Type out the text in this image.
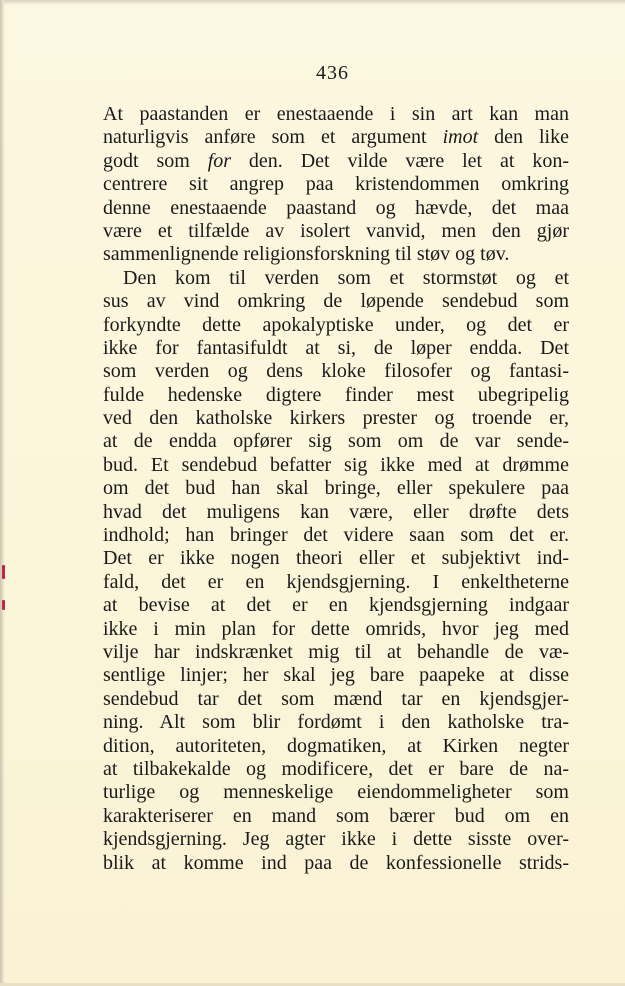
436
At paastanden er enestaaende i sin art kan man
naturligvis anføre som et argument imot den like
godt som for den. Det vilde være let at kon-
centrere sit angrep paa kristendommen omkring
denne enestaaende paastand og hævde, det maa
være et tilfælde av isolert vanvid, men den gjør
sammenlignende religionsforskning til støv og tøv.
Den kom til verden som et stormstøt og et
sus av vind omkring de løpende sendebud som
forkyndte dette apokalyptiske under, og det er
ikke for fantasifuldt at si, de løper endda. Det
som verden og dens kloke filosofer og fantasi-
fulde hedenske digtere finder mest ubegripelig
ved den katholske kirkers prester og troende er,
at de endda opfører sig som om de var sende-
bud. Et sendebud befatter sig ikke med at drømme
om det bud han skal bringe, eller spekulere paa
hvad det muligens kan være, eller drøfte dets
indhold; han bringer det videre saan som det er.
Det er ikke nogen theori eller et subjektivt ind-
fald, det er en kjendsgjerning. I enkeltheterne
at bevise at det er en kjendsgjerning indgaar
ikke i min plan for dette omrids, hvor jeg med
vilje har indskrænket mig til at behandle de væ-
sentlige linjer; her skal jeg bare paapeke at disse
sendebud tar det som mænd tar en kjendsgjer-
ning. Alt som blir fordømt i den katholske tra-
dition, autoriteten, dogmatiken, at Kirken negter
at tilbakekalde og modificere, det er bare de na-
turlige og menneskelige eiendommeligheter som
karakteriserer en mand som bærer bud om en
kjendsgjerning. Jeg agter ikke i dette sisste over-
blik at komme ind paa de konfessionelle strids-
